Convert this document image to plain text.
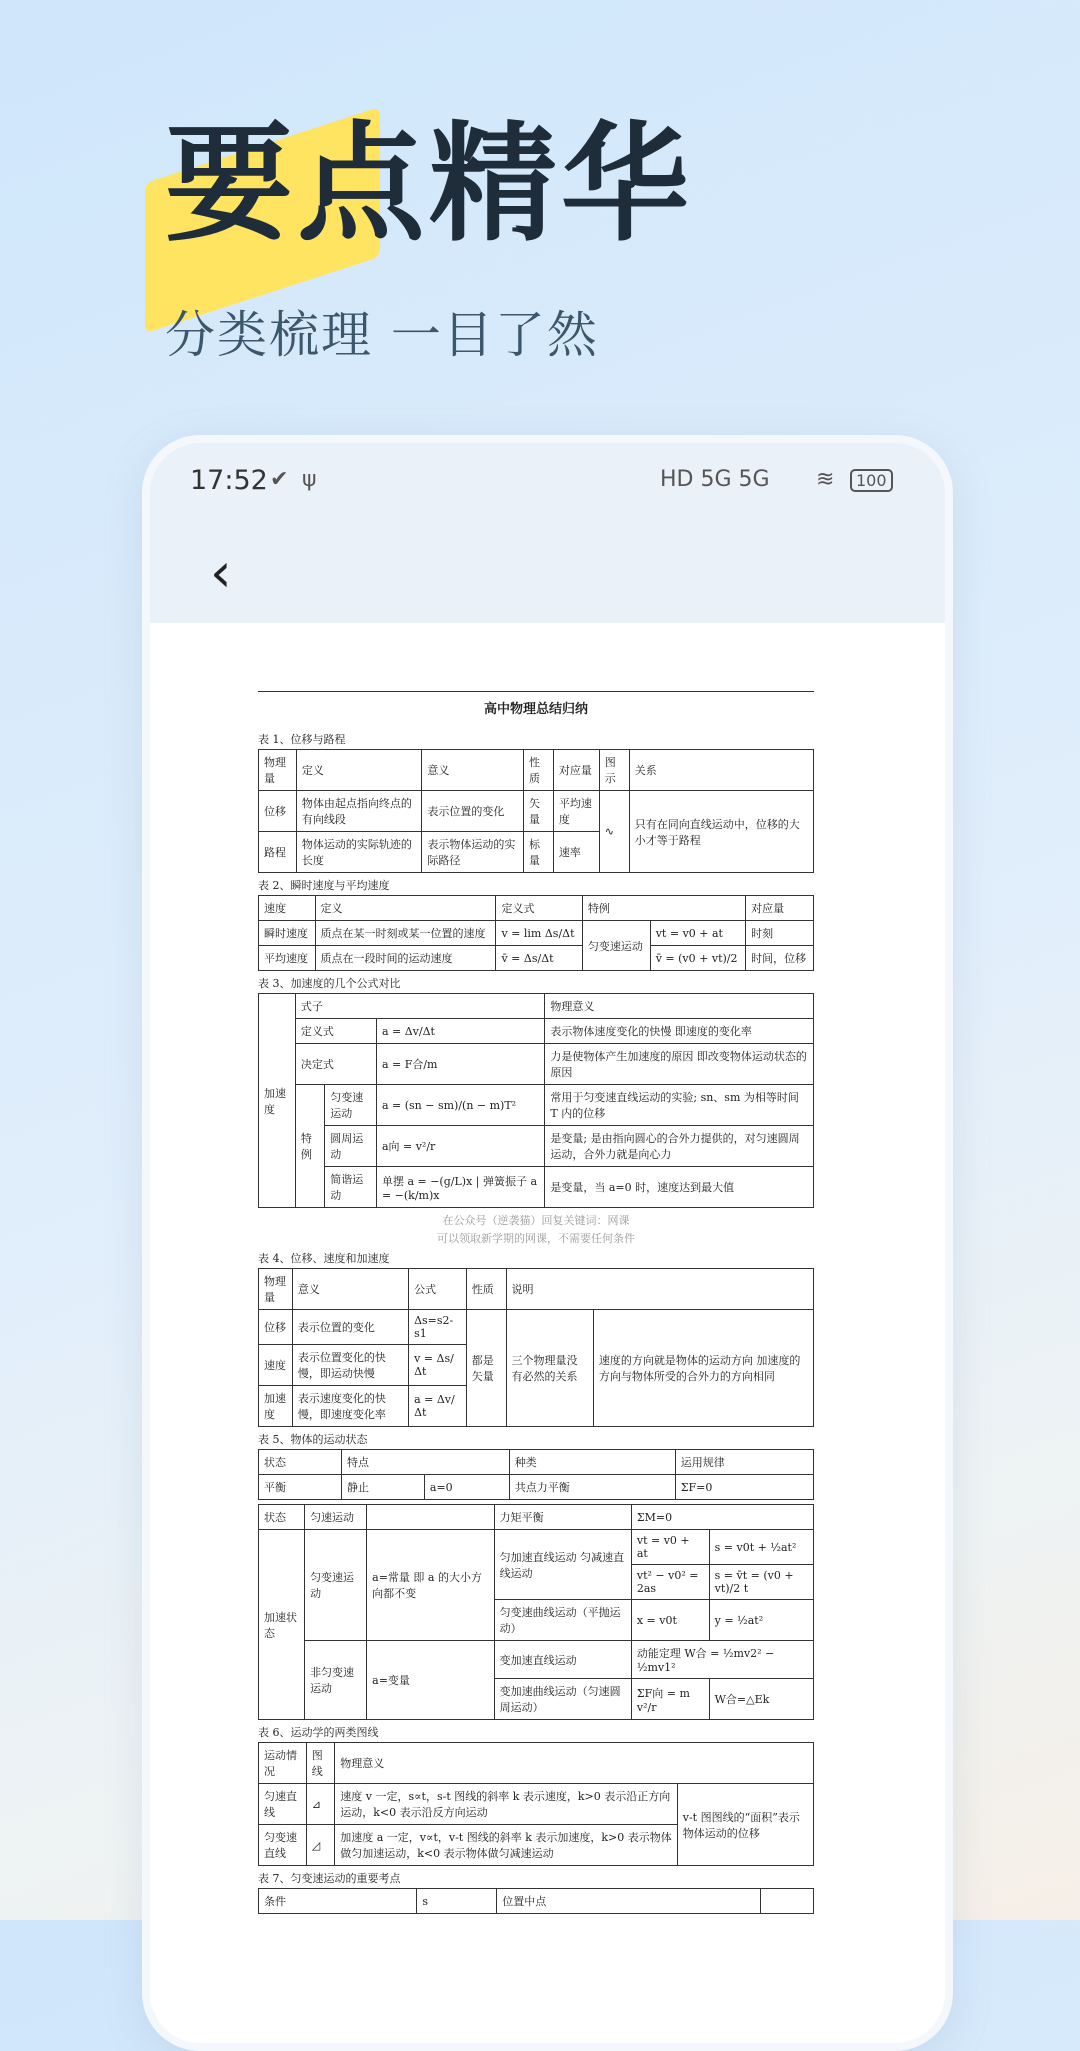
要点精华
分类梳理 一目了然
17:52 ✔ ψ	HD 5G 5G ≋	100
‹
高中物理总结归纳
表 1、位移与路程
物理量	定义	意义	性质	对应量	图示	关系
位移	物体由起点指向终点的有向线段	表示位置的变化	矢量	平均速度	∿	只有在同向直线运动中，位移的大小才等于路程
路程	物体运动的实际轨迹的长度	表示物体运动的实际路径	标量	速率		
表 2、瞬时速度与平均速度
速度	定义	定义式	特例		对应量
瞬时速度	质点在某一时刻或某一位置的速度	v = lim Δs/Δt	匀变速运动	vt = v0 + at	时刻
平均速度	质点在一段时间的运动速度	v̄ = Δs/Δt		v̄ = (v0 + vt)/2	时间，位移
表 3、加速度的几个公式对比
加速度	式子			物理意义
	定义式		a = Δv/Δt	表示物体速度变化的快慢 即速度的变化率
	决定式		a = F合/m	力是使物体产生加速度的原因 即改变物体运动状态的原因
	特例	匀变速运动	a = (sn − sm)/(n − m)T²	常用于匀变速直线运动的实验; sn、sm 为相等时间 T 内的位移
		圆周运动	a向 = v²/r	是变量; 是由指向圆心的合外力提供的，对匀速圆周运动，合外力就是向心力
		简谐运动	单摆 a = −(g/L)x | 弹簧振子 a = −(k/m)x	是变量，当 a=0 时，速度达到最大值
在公众号（逆袭猫）回复关键词：网课
可以领取新学期的网课，不需要任何条件
表 4、位移、速度和加速度
物理量	意义	公式	性质	说明	
位移	表示位置的变化	Δs=s2-s1	都是矢量	三个物理量没有必然的关系	速度的方向就是物体的运动方向 加速度的方向与物体所受的合外力的方向相同
速度	表示位置变化的快慢，即运动快慢	v = Δs/Δt			
加速度	表示速度变化的快慢，即速度变化率	a = Δv/Δt			
表 5、物体的运动状态
状态	特点		种类	运用规律
平衡	静止	a=0	共点力平衡	ΣF=0
状态	匀速运动		力矩平衡	ΣM=0	
加速状态	匀变速运动	a=常量 即 a 的大小方向都不变	匀加速直线运动 匀减速直线运动	vt = v0 + at	s = v0t + ½at²
				vt² − v0² = 2as	s = v̄t = (v0 + vt)/2 t
			匀变速曲线运动（平抛运动）	x = v0t	y = ½at²
	非匀变速运动	a=变量	变加速直线运动	动能定理 W合 = ½mv2² − ½mv1²	
			变加速曲线运动（匀速圆周运动）	ΣF向 = m v²/r	W合=△Ek
表 6、运动学的两类图线
运动情况	图线	物理意义	
匀速直线	⊿	速度 v 一定，s∝t，s-t 图线的斜率 k 表示速度，k>0 表示沿正方向运动，k<0 表示沿反方向运动	v-t 图图线的“面积”表示物体运动的位移
匀变速直线	◿	加速度 a 一定，v∝t，v-t 图线的斜率 k 表示加速度，k>0 表示物体做匀加速运动，k<0 表示物体做匀减速运动	
表 7、匀变速运动的重要考点
条件	s	位置中点	
